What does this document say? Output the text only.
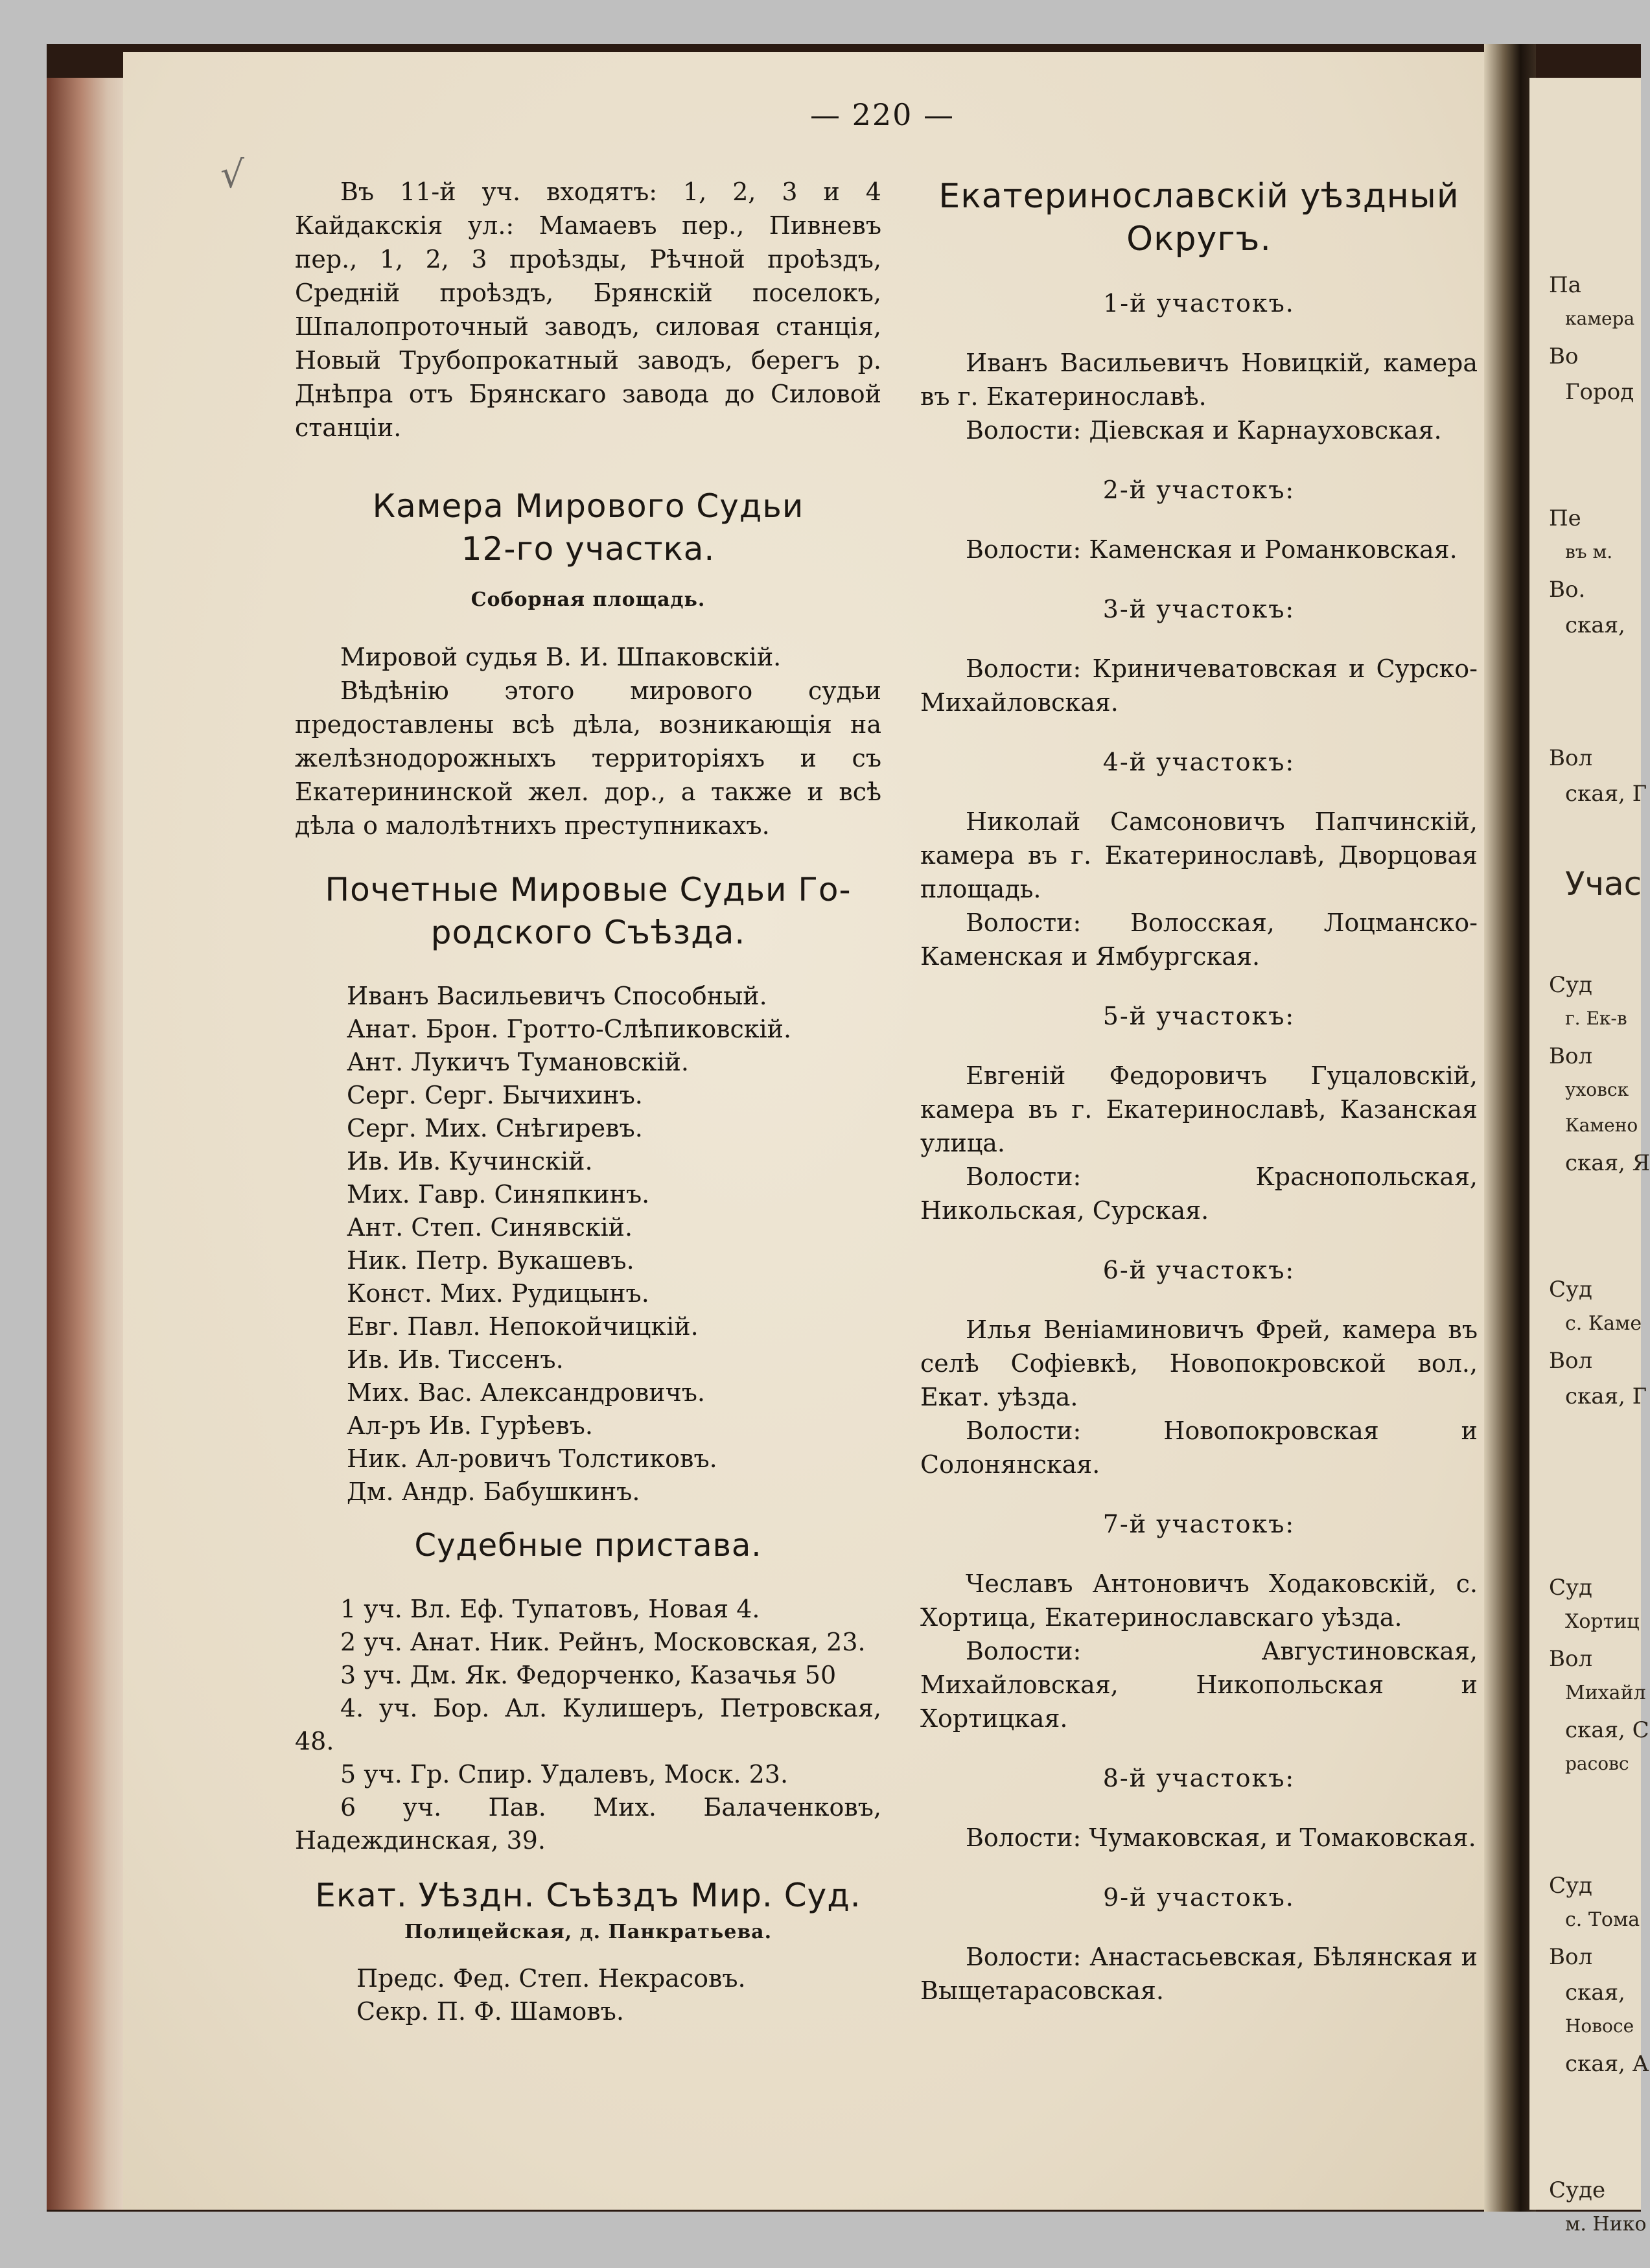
Па
камера
Во
Город
Пе
въ м.
Во.
ская,
Вол
ская, Г
Учас
Суд
г. Ек-в
Вол
уховск
Камено
ская, Я
Суд
с. Каме
Вол
ская, Г
Суд
Хортиц
Вол
Михайл
ская, С
расовс
Суд
с. Тома
Вол
ская,
Новосе
ская, А
Суде
м. Нико
— 220 —
√	Въ 11-й уч. входятъ: 1, 2, 3 и 4 Кайдакскія ул.: Мамаевъ пер., Пивневъ пер., 1, 2, 3 проѣзды, Рѣчной проѣздъ, Средній проѣздъ, Брянскій поселокъ, Шпалопроточный заводъ, силовая станція, Новый Трубопрокатный заводъ, берегъ р. Днѣпра отъ Брянскаго завода до Силовой станціи.

Камера Мирового Судьи

12-го участка.

Соборная площадь.

Мировой судья В. И. Шпаковскій.

Вѣдѣнію этого мирового судьи предоставлены всѣ дѣла, возникающія на желѣзнодорожныхъ территоріяхъ и съ Екатерининской жел. дор., а также и всѣ дѣла о малолѣтнихъ преступникахъ.

Почетные Мировые Судьи Го-

родского Съѣзда.

Иванъ Васильевичъ Способный.

Анат. Брон. Гротто-Слѣпиковскій.

Ант. Лукичъ Тумановскій.

Серг. Серг. Бычихинъ.

Серг. Мих. Снѣгиревъ.

Ив. Ив. Кучинскій.

Мих. Гавр. Синяпкинъ.

Ант. Степ. Синявскій.

Ник. Петр. Вукашевъ.

Конст. Мих. Рудицынъ.

Евг. Павл. Непокойчицкій.

Ив. Ив. Тиссенъ.

Мих. Вас. Александровичъ.

Ал-ръ Ив. Гурѣевъ.

Ник. Ал-ровичъ Толстиковъ.

Дм. Андр. Бабушкинъ.

Судебные пристава.

1 уч. Вл. Еф. Тупатовъ, Новая 4.

2 уч. Анат. Ник. Рейнъ, Московская, 23.

3 уч. Дм. Як. Федорченко, Казачья 50

4. уч. Бор. Ал. Кулишеръ, Петровская, 48.

5 уч. Гр. Спир. Удалевъ, Моск. 23.

6 уч. Пав. Мих. Балаченковъ, Надеждинская, 39.

Екат. Уѣздн. Съѣздъ Мир. Суд.

Полицейская, д. Панкратьева.

Предс. Фед. Степ. Некрасовъ.

Секр. П. Ф. Шамовъ.

Екатеринославскій уѣздный

Округъ.

1-й участокъ.

Иванъ Васильевичъ Новицкій, камера въ г. Екатеринославѣ.

Волости: Діевская и Карнауховская.

2-й участокъ:

Волости: Каменская и Романковская.

3-й участокъ:

Волости: Криничеватовская и Сурско-Михайловская.

4-й участокъ:

Николай Самсоновичъ Папчинскій, камера въ г. Екатеринославѣ, Дворцовая площадь.

Волости: Волосская, Лоцманско-Каменская и Ямбургская.

5-й участокъ:

Евгеній Федоровичъ Гуцаловскій, камера въ г. Екатеринославѣ, Казанская улица.

Волости: Краснопольская, Никольская, Сурская.

6-й участокъ:

Илья Веніаминовичъ Фрей, камера въ селѣ Софіевкѣ, Новопокровской вол., Екат. уѣзда.

Волости: Новопокровская и Солонянская.

7-й участокъ:

Чеславъ Антоновичъ Ходаковскій, с. Хортица, Екатеринославскаго уѣзда.

Волости: Августиновская, Михайловская, Никопольская и Хортицкая.

8-й участокъ:

Волости: Чумаковская, и Томаковская.

9-й участокъ.

Волости: Анастасьевская, Бѣлянская и Выщетарасовская.
